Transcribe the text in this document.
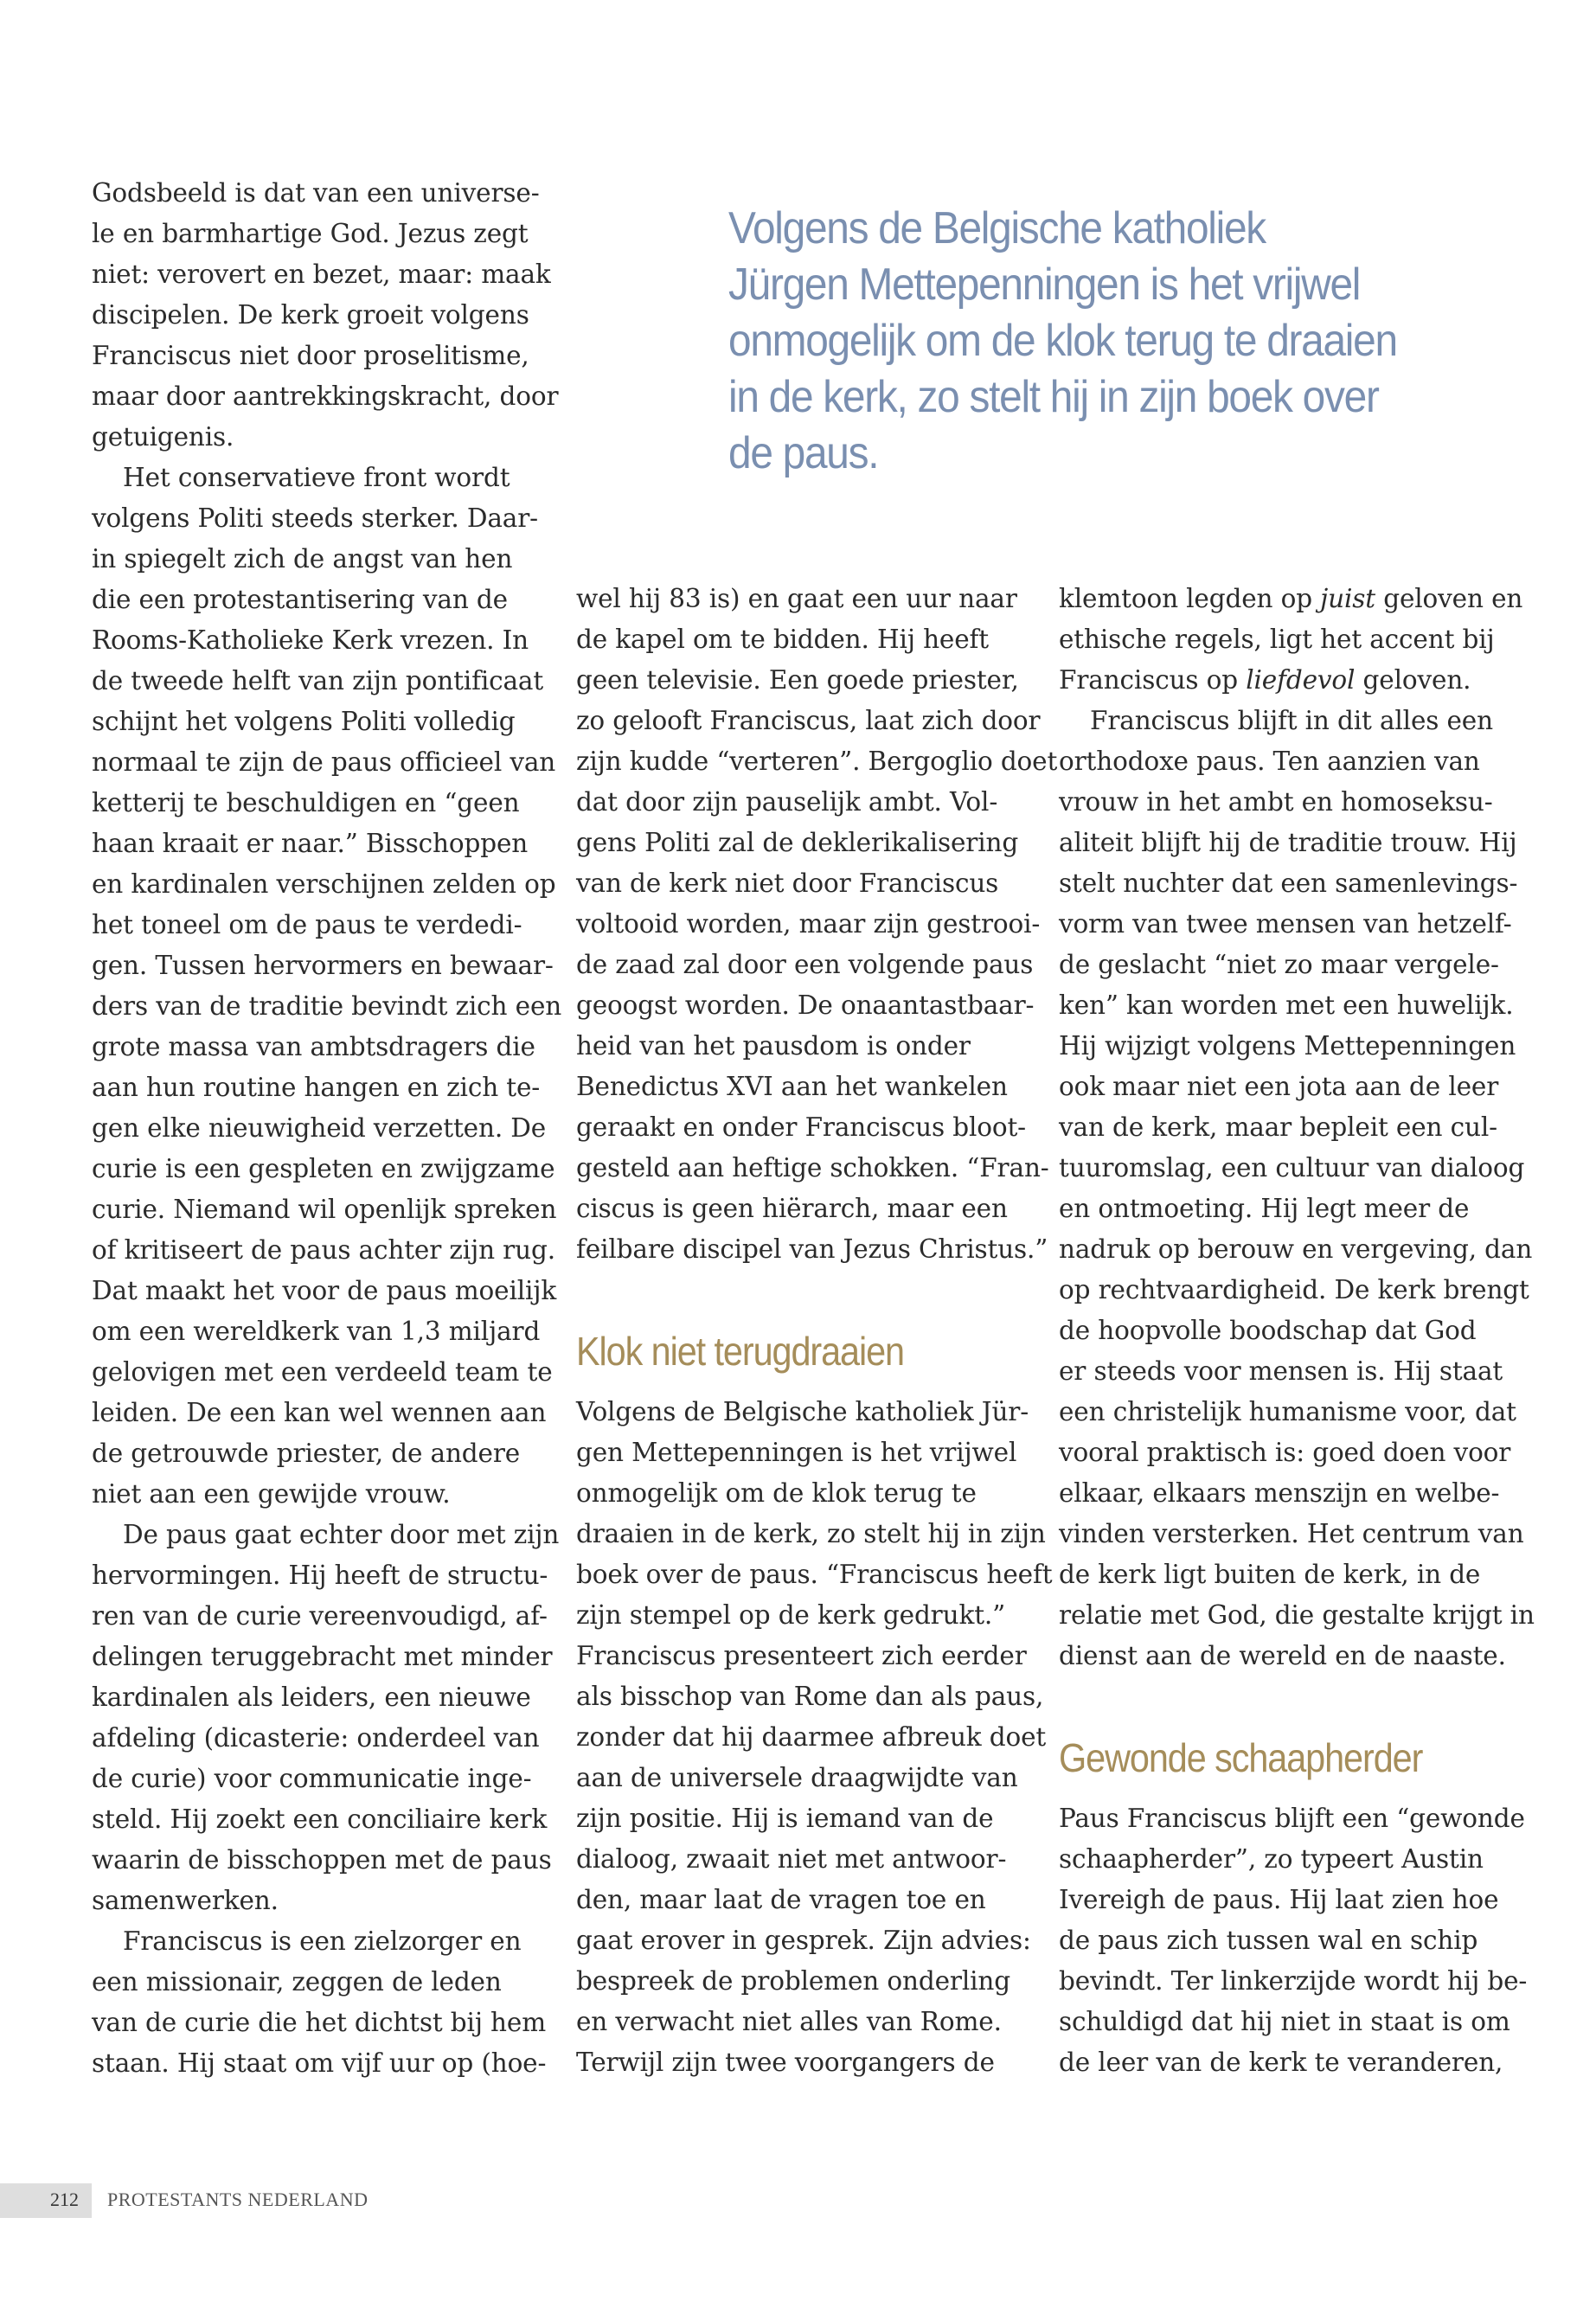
Volgens de Belgische katholiek
Jürgen Mettepenningen is het vrijwel
onmogelijk om de klok terug te draaien
in de kerk, zo stelt hij in zijn boek over
de paus.
Godsbeeld is dat van een universe-
le en barmhartige God. Jezus zegt
niet: verovert en bezet, maar: maak
discipelen. De kerk groeit volgens
Franciscus niet door proselitisme,
maar door aantrekkingskracht, door
getuigenis.
Het conservatieve front wordt
volgens Politi steeds sterker. Daar-
in spiegelt zich de angst van hen
die een protestantisering van de
Rooms-Katholieke Kerk vrezen. In
de tweede helft van zijn pontificaat
schijnt het volgens Politi volledig
normaal te zijn de paus officieel van
ketterij te beschuldigen en “geen
haan kraait er naar.” Bisschoppen
en kardinalen verschijnen zelden op
het toneel om de paus te verdedi-
gen. Tussen hervormers en bewaar-
ders van de traditie bevindt zich een
grote massa van ambtsdragers die
aan hun routine hangen en zich te-
gen elke nieuwigheid verzetten. De
curie is een gespleten en zwijgzame
curie. Niemand wil openlijk spreken
of kritiseert de paus achter zijn rug.
Dat maakt het voor de paus moeilijk
om een wereldkerk van 1,3 miljard
gelovigen met een verdeeld team te
leiden. De een kan wel wennen aan
de getrouwde priester, de andere
niet aan een gewijde vrouw.
De paus gaat echter door met zijn
hervormingen. Hij heeft de structu-
ren van de curie vereenvoudigd, af-
delingen teruggebracht met minder
kardinalen als leiders, een nieuwe
afdeling (dicasterie: onderdeel van
de curie) voor communicatie inge-
steld. Hij zoekt een conciliaire kerk
waarin de bisschoppen met de paus
samenwerken.
Franciscus is een zielzorger en
een missionair, zeggen de leden
van de curie die het dichtst bij hem
staan. Hij staat om vijf uur op (hoe-
wel hij 83 is) en gaat een uur naar
de kapel om te bidden. Hij heeft
geen televisie. Een goede priester,
zo gelooft Franciscus, laat zich door
zijn kudde “verteren”. Bergoglio doet
dat door zijn pauselijk ambt. Vol-
gens Politi zal de deklerikalisering
van de kerk niet door Franciscus
voltooid worden, maar zijn gestrooi-
de zaad zal door een volgende paus
geoogst worden. De onaantastbaar-
heid van het pausdom is onder
Benedictus XVI aan het wankelen
geraakt en onder Franciscus bloot-
gesteld aan heftige schokken. “Fran-
ciscus is geen hiërarch, maar een
feilbare discipel van Jezus Christus.”
Klok niet terugdraaien
Volgens de Belgische katholiek Jür-
gen Mettepenningen is het vrijwel
onmogelijk om de klok terug te
draaien in de kerk, zo stelt hij in zijn
boek over de paus. “Franciscus heeft
zijn stempel op de kerk gedrukt.”
Franciscus presenteert zich eerder
als bisschop van Rome dan als paus,
zonder dat hij daarmee afbreuk doet
aan de universele draagwijdte van
zijn positie. Hij is iemand van de
dialoog, zwaait niet met antwoor-
den, maar laat de vragen toe en
gaat erover in gesprek. Zijn advies:
bespreek de problemen onderling
en verwacht niet alles van Rome.
Terwijl zijn twee voorgangers de
klemtoon legden op juist geloven en
ethische regels, ligt het accent bij
Franciscus op liefdevol geloven.
Franciscus blijft in dit alles een
orthodoxe paus. Ten aanzien van
vrouw in het ambt en homoseksu-
aliteit blijft hij de traditie trouw. Hij
stelt nuchter dat een samenlevings-
vorm van twee mensen van hetzelf-
de geslacht “niet zo maar vergele-
ken” kan worden met een huwelijk.
Hij wijzigt volgens Mettepenningen
ook maar niet een jota aan de leer
van de kerk, maar bepleit een cul-
tuuromslag, een cultuur van dialoog
en ontmoeting. Hij legt meer de
nadruk op berouw en vergeving, dan
op rechtvaardigheid. De kerk brengt
de hoopvolle boodschap dat God
er steeds voor mensen is. Hij staat
een christelijk humanisme voor, dat
vooral praktisch is: goed doen voor
elkaar, elkaars menszijn en welbe-
vinden versterken. Het centrum van
de kerk ligt buiten de kerk, in de
relatie met God, die gestalte krijgt in
dienst aan de wereld en de naaste.
Gewonde schaapherder
Paus Franciscus blijft een “gewonde
schaapherder”, zo typeert Austin
Ivereigh de paus. Hij laat zien hoe
de paus zich tussen wal en schip
bevindt. Ter linkerzijde wordt hij be-
schuldigd dat hij niet in staat is om
de leer van de kerk te veranderen,
212 PROTESTANTS NEDERLAND
